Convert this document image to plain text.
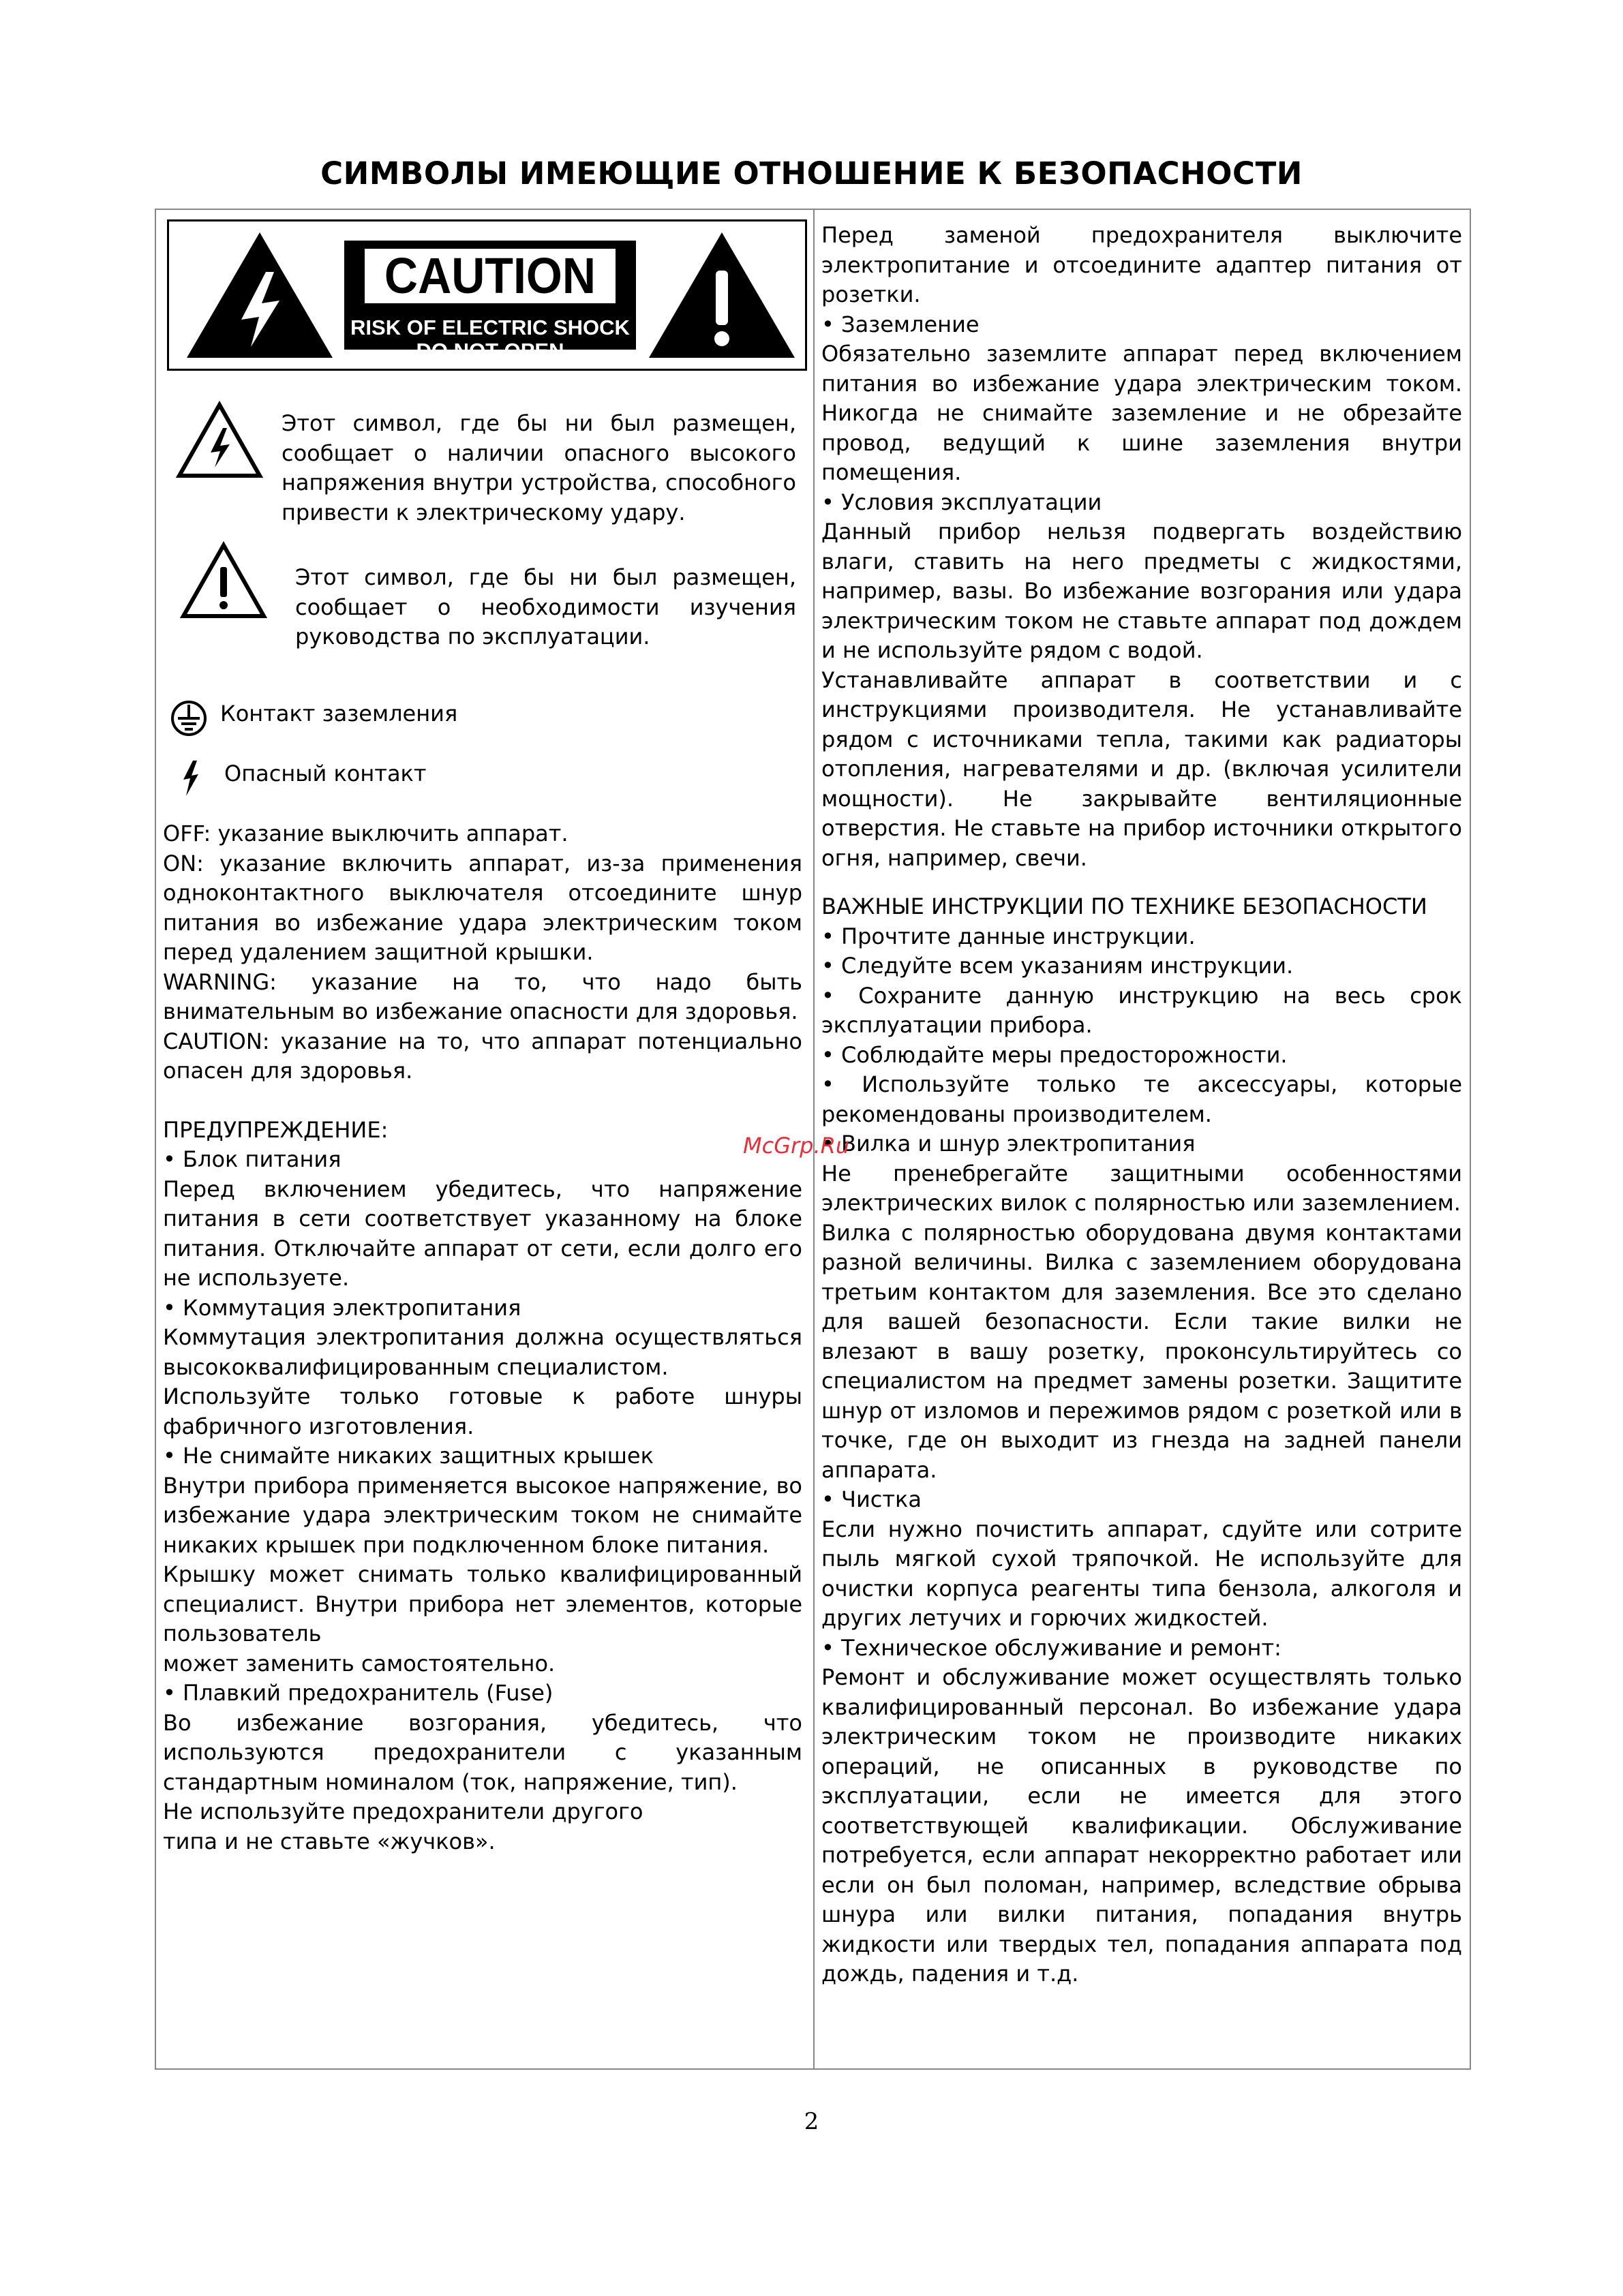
СИМВОЛЫ ИМЕЮЩИЕ ОТНОШЕНИЕ К БЕЗОПАСНОСТИ
CAUTION
RISK OF ELECTRIC SHOCK
DO NOT OPEN
Этот символ, где бы ни был размещен, сообщает о наличии опасного высокого напряжения внутри устройства, способного привести к электрическому удару.
Этот символ, где бы ни был размещен, сообщает о необходимости изучения руководства по эксплуатации.
Контакт заземления
Опасный контакт

OFF: указание выключить аппарат.

ON: указание включить аппарат, из-за применения одноконтактного выключателя отсоедините шнур питания во избежание удара электрическим током перед удалением защитной крышки.

WARNING: указание на то, что надо быть внимательным во избежание опасности для здоровья.

CAUTION: указание на то, что аппарат потенциально опасен для здоровья.

ПРЕДУПРЕЖДЕНИЕ:

• Блок питания

Перед включением убедитесь, что напряжение питания в сети соответствует указанному на блоке питания. Отключайте аппарат от сети, если долго его не используете.

• Коммутация электропитания

Коммутация электропитания должна осуществляться высококвалифицированным специалистом.

Используйте только готовые к работе шнуры фабричного изготовления.

• Не снимайте никаких защитных крышек

Внутри прибора применяется высокое напряжение, во избежание удара электрическим током не снимайте никаких крышек при подключенном блоке питания.

Крышку может снимать только квалифицированный специалист. Внутри прибора нет элементов, которые пользователь

может заменить самостоятельно.

• Плавкий предохранитель (Fuse)

Во избежание возгорания, убедитесь, что используются предохранители с указанным стандартным номиналом (ток, напряжение, тип).

Не используйте предохранители другого

типа и не ставьте «жучков».

Перед заменой предохранителя выключите электропитание и отсоедините адаптер питания от розетки.

• Заземление

Обязательно заземлите аппарат перед включением питания во избежание удара электрическим током. Никогда не снимайте заземление и не обрезайте провод, ведущий к шине заземления внутри помещения.

• Условия эксплуатации

Данный прибор нельзя подвергать воздействию влаги, ставить на него предметы с жидкостями, например, вазы. Во избежание возгорания или удара электрическим током не ставьте аппарат под дождем и не используйте рядом с водой.

Устанавливайте аппарат в соответствии и с инструкциями производителя. Не устанавливайте рядом с источниками тепла, такими как радиаторы отопления, нагревателями и др. (включая усилители мощности). Не закрывайте вентиляционные отверстия. Не ставьте на прибор источники открытого огня, например, свечи.

ВАЖНЫЕ ИНСТРУКЦИИ ПО ТЕХНИКЕ БЕЗОПАСНОСТИ

• Прочтите данные инструкции.

• Следуйте всем указаниям инструкции.

• Сохраните данную инструкцию на весь срок эксплуатации прибора.

• Соблюдайте меры предосторожности.

• Используйте только те аксессуары, которые рекомендованы производителем.

• Вилка и шнур электропитания

Не пренебрегайте защитными особенностями электрических вилок с полярностью или заземлением.

Вилка с полярностью оборудована двумя контактами разной величины. Вилка с заземлением оборудована третьим контактом для заземления. Все это сделано для вашей безопасности. Если такие вилки не влезают в вашу розетку, проконсультируйтесь со специалистом на предмет замены розетки. Защитите шнур от изломов и пережимов рядом с розеткой или в точке, где он выходит из гнезда на задней панели аппарата.

• Чистка

Если нужно почистить аппарат, сдуйте или сотрите пыль мягкой сухой тряпочкой. Не используйте для очистки корпуса реагенты типа бензола, алкоголя и других летучих и горючих жидкостей.

• Техническое обслуживание и ремонт:

Ремонт и обслуживание может осуществлять только квалифицированный персонал. Во избежание удара электрическим током не производите никаких операций, не описанных в руководстве по эксплуатации, если не имеется для этого соответствующей квалификации. Обслуживание потребуется, если аппарат некорректно работает или если он был поломан, например, вследствие обрыва шнура или вилки питания, попадания внутрь жидкости или твердых тел, попадания аппарата под дождь, падения и т.д.

McGrp.Ru
2
